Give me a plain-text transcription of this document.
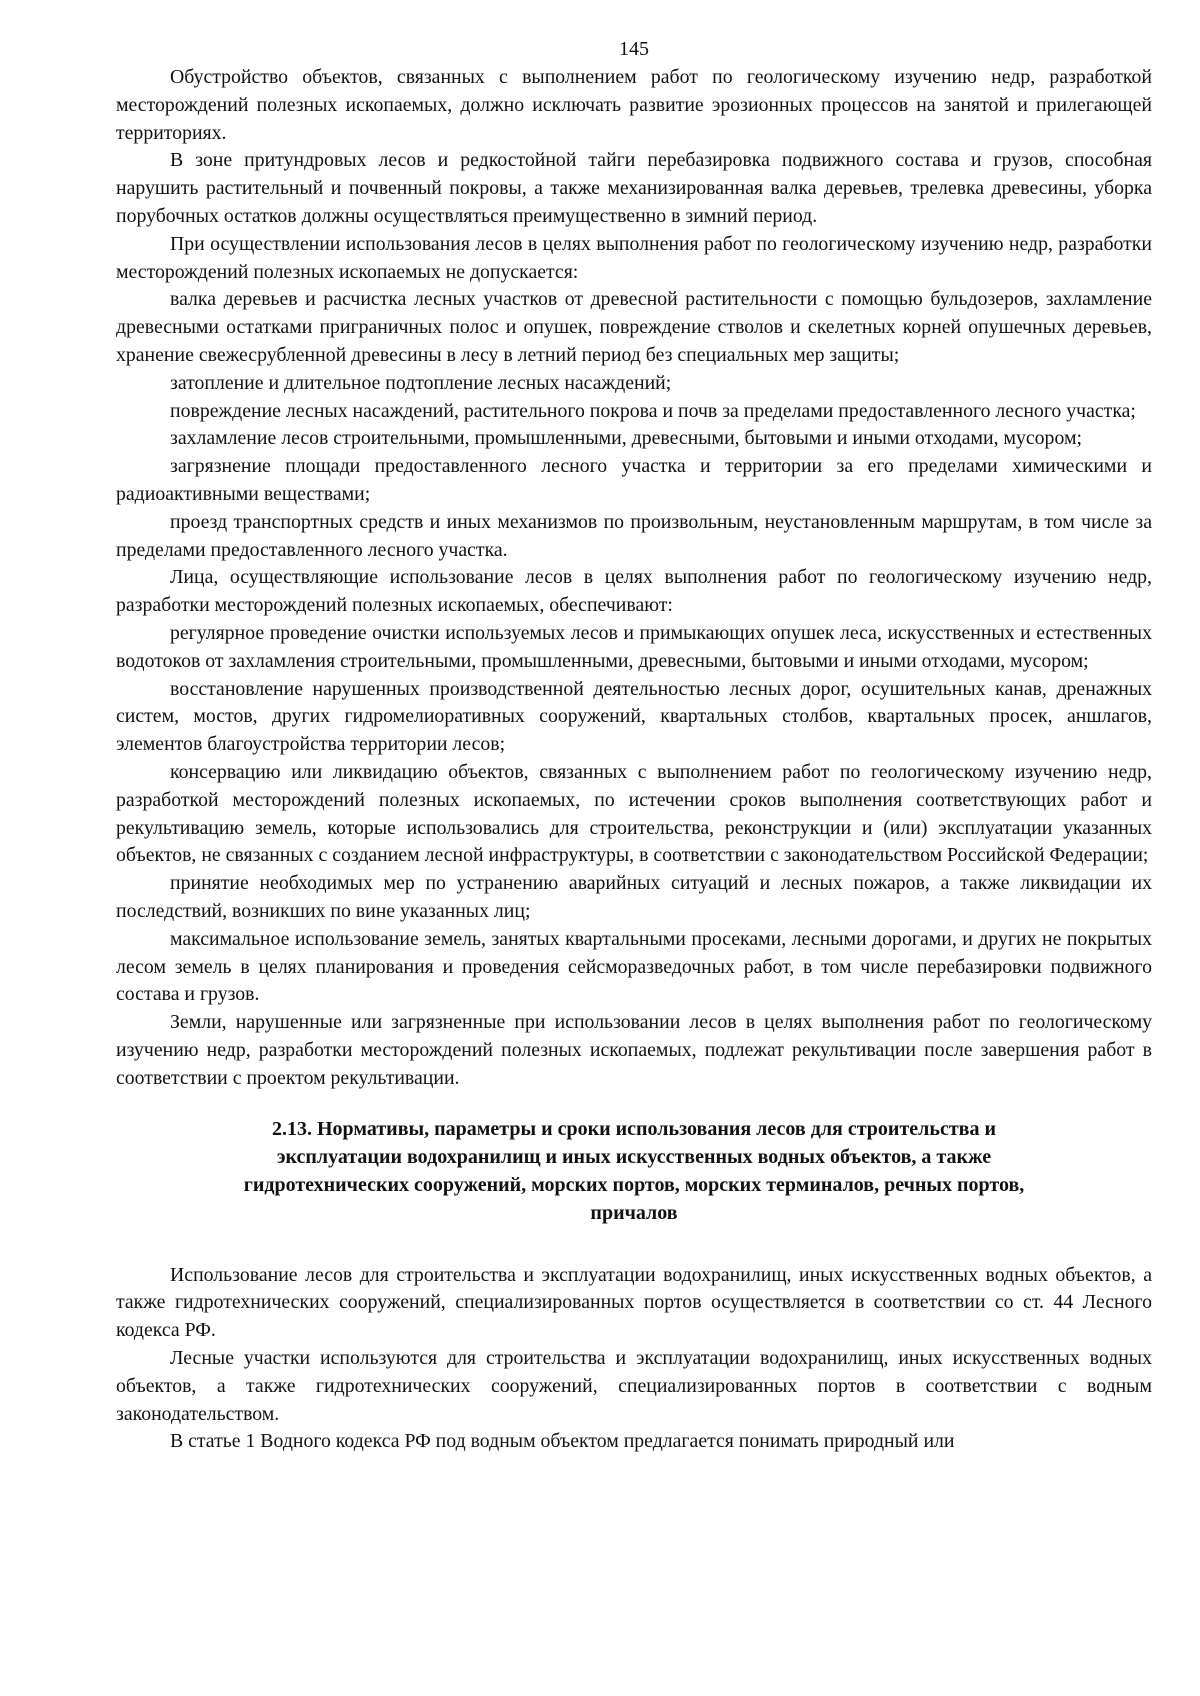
145

Обустройство объектов, связанных с выполнением работ по геологическому изучению недр, разработкой месторождений полезных ископаемых, должно исключать развитие эрозионных процессов на занятой и прилегающей территориях.

В зоне притундровых лесов и редкостойной тайги перебазировка подвижного состава и грузов, способная нарушить растительный и почвенный покровы, а также механизированная валка деревьев, трелевка древесины, уборка порубочных остатков должны осуществляться преимущественно в зимний период.

При осуществлении использования лесов в целях выполнения работ по геологическому изучению недр, разработки месторождений полезных ископаемых не допускается:

валка деревьев и расчистка лесных участков от древесной растительности с помощью бульдозеров, захламление древесными остатками приграничных полос и опушек, повреждение стволов и скелетных корней опушечных деревьев, хранение свежесрубленной древесины в лесу в летний период без специальных мер защиты;

затопление и длительное подтопление лесных насаждений;

повреждение лесных насаждений, растительного покрова и почв за пределами предоставленного лесного участка;

захламление лесов строительными, промышленными, древесными, бытовыми и иными отходами, мусором;

загрязнение площади предоставленного лесного участка и территории за его пределами химическими и радиоактивными веществами;

проезд транспортных средств и иных механизмов по произвольным, неустановленным маршрутам, в том числе за пределами предоставленного лесного участка.

Лица, осуществляющие использование лесов в целях выполнения работ по геологическому изучению недр, разработки месторождений полезных ископаемых, обеспечивают:

регулярное проведение очистки используемых лесов и примыкающих опушек леса, искусственных и естественных водотоков от захламления строительными, промышленными, древесными, бытовыми и иными отходами, мусором;

восстановление нарушенных производственной деятельностью лесных дорог, осушительных канав, дренажных систем, мостов, других гидромелиоративных сооружений, квартальных столбов, квартальных просек, аншлагов, элементов благоустройства территории лесов;

консервацию или ликвидацию объектов, связанных с выполнением работ по геологическому изучению недр, разработкой месторождений полезных ископаемых, по истечении сроков выполнения соответствующих работ и рекультивацию земель, которые использовались для строительства, реконструкции и (или) эксплуатации указанных объектов, не связанных с созданием лесной инфраструктуры, в соответствии с законодательством Российской Федерации;

принятие необходимых мер по устранению аварийных ситуаций и лесных пожаров, а также ликвидации их последствий, возникших по вине указанных лиц;

максимальное использование земель, занятых квартальными просеками, лесными дорогами, и других не покрытых лесом земель в целях планирования и проведения сейсморазведочных работ, в том числе перебазировки подвижного состава и грузов.

Земли, нарушенные или загрязненные при использовании лесов в целях выполнения работ по геологическому изучению недр, разработки месторождений полезных ископаемых, подлежат рекультивации после завершения работ в соответствии с проектом рекультивации.

2.13. Нормативы, параметры и сроки использования лесов для строительства и
эксплуатации водохранилищ и иных искусственных водных объектов, а также
гидротехнических сооружений, морских портов, морских терминалов, речных портов,
причалов

Использование лесов для строительства и эксплуатации водохранилищ, иных искусственных водных объектов, а также гидротехнических сооружений, специализированных портов осуществляется в соответствии со ст. 44 Лесного кодекса РФ.

Лесные участки используются для строительства и эксплуатации водохранилищ, иных искусственных водных объектов, а также гидротехнических сооружений, специализированных портов в соответствии с водным законодательством.

В статье 1 Водного кодекса РФ под водным объектом предлагается понимать природный или
